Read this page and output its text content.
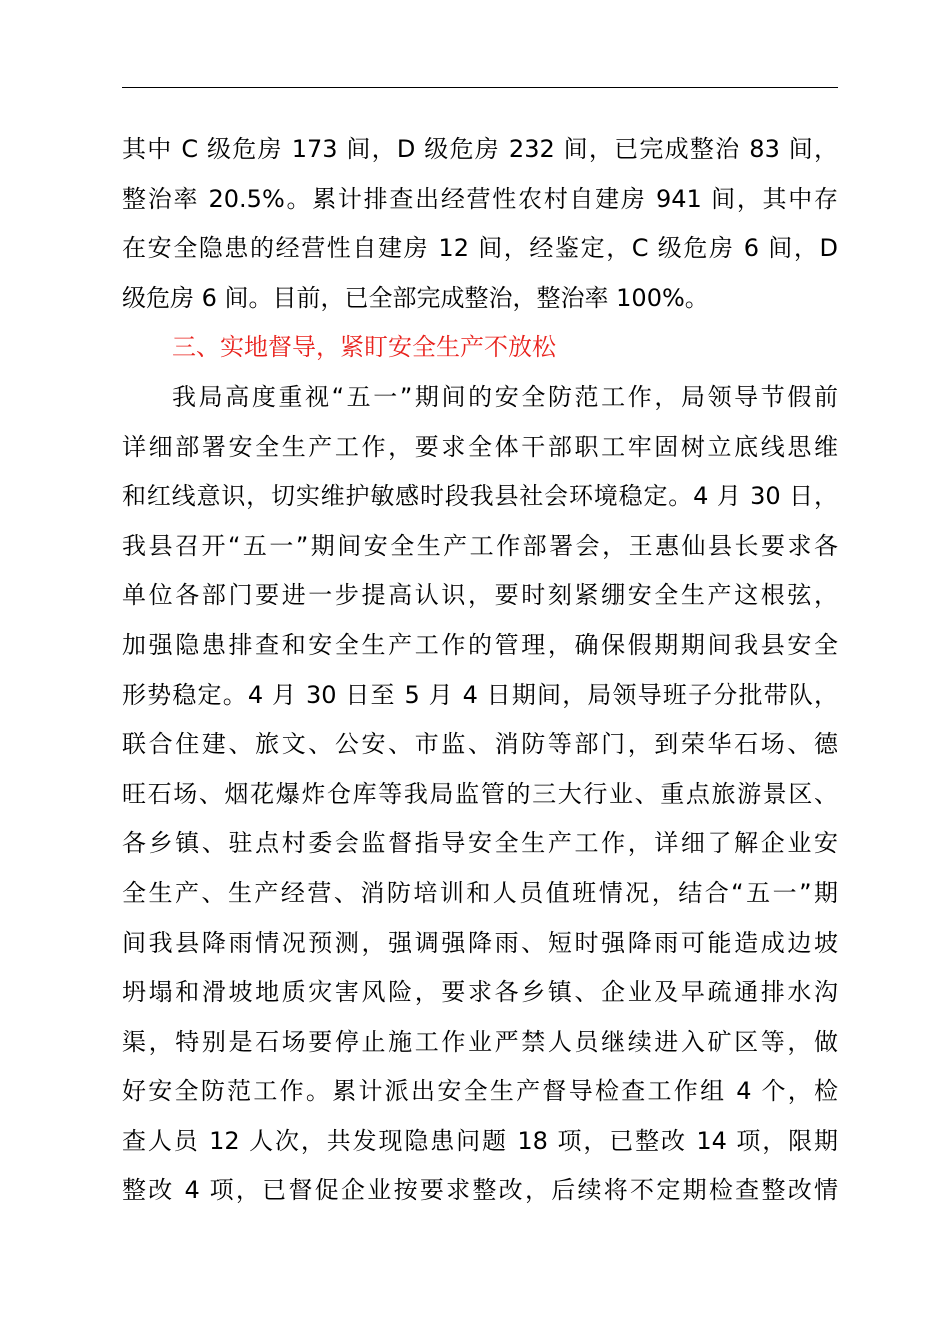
其中 C 级危房 173 间，D 级危房 232 间，已完成整治 83 间，
整治率 20.5%。累计排查出经营性农村自建房 941 间，其中存
在安全隐患的经营性自建房 12 间，经鉴定，C 级危房 6 间，D
级危房 6 间。目前，已全部完成整治，整治率 100%。
三、实地督导，紧盯安全生产不放松
我局高度重视“五一”期间的安全防范工作，局领导节假前
详细部署安全生产工作，要求全体干部职工牢固树立底线思维
和红线意识，切实维护敏感时段我县社会环境稳定。4 月 30 日，
我县召开“五一”期间安全生产工作部署会，王惠仙县长要求各
单位各部门要进一步提高认识，要时刻紧绷安全生产这根弦，
加强隐患排查和安全生产工作的管理，确保假期期间我县安全
形势稳定。4 月 30 日至 5 月 4 日期间，局领导班子分批带队，
联合住建、旅文、公安、市监、消防等部门，到荣华石场、德
旺石场、烟花爆炸仓库等我局监管的三大行业、重点旅游景区、
各乡镇、驻点村委会监督指导安全生产工作，详细了解企业安
全生产、生产经营、消防培训和人员值班情况，结合“五一”期
间我县降雨情况预测，强调强降雨、短时强降雨可能造成边坡
坍塌和滑坡地质灾害风险，要求各乡镇、企业及早疏通排水沟
渠，特别是石场要停止施工作业严禁人员继续进入矿区等，做
好安全防范工作。累计派出安全生产督导检查工作组 4 个，检
查人员 12 人次，共发现隐患问题 18 项，已整改 14 项，限期
整改 4 项，已督促企业按要求整改，后续将不定期检查整改情
